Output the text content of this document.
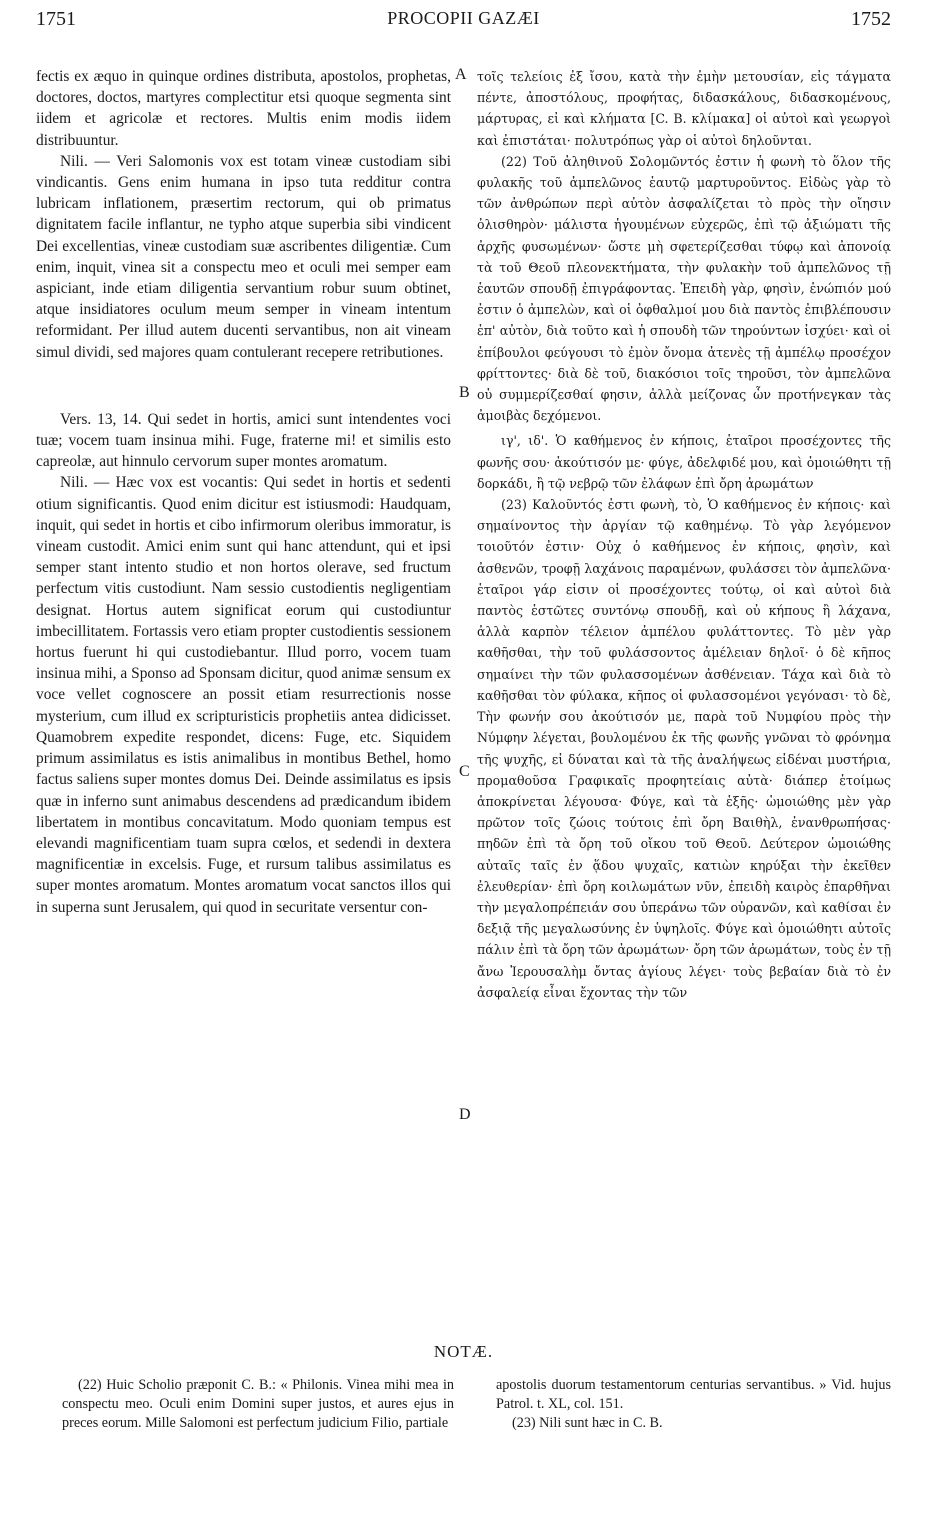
1751	PROCOPII GAZÆI	1752
A
B
C
D

fectis ex æquo in quinque ordines distributa, apostolos, prophetas, doctores, doctos, martyres complectitur etsi quoque segmenta sint iidem et agricolæ et rectores. Multis enim modis iidem distribuuntur.

Nili. — Veri Salomonis vox est totam vineæ custodiam sibi vindicantis. Gens enim humana in ipso tuta redditur contra lubricam inflationem, præsertim rectorum, qui ob primatus dignitatem facile inflantur, ne typho atque superbia sibi vindicent Dei excellentias, vineæ custodiam suæ ascribentes diligentiæ. Cum enim, inquit, vinea sit a conspectu meo et oculi mei semper eam aspiciant, inde etiam diligentia servantium robur suum obtinet, atque insidiatores oculum meum semper in vineam intentum reformidant. Per illud autem ducenti servantibus, non ait vineam simul dividi, sed majores quam contulerant recepere retributiones.

Vers. 13, 14. Qui sedet in hortis, amici sunt intendentes voci tuæ; vocem tuam insinua mihi. Fuge, fraterne mi! et similis esto capreolæ, aut hinnulo cervorum super montes aromatum.

Nili. — Hæc vox est vocantis: Qui sedet in hortis et sedenti otium significantis. Quod enim dicitur est istiusmodi: Haudquam, inquit, qui sedet in hortis et cibo infirmorum oleribus immoratur, is vineam custodit. Amici enim sunt qui hanc attendunt, qui et ipsi semper stant intento studio et non hortos olerave, sed fructum perfectum vitis custodiunt. Nam sessio custodientis negligentiam designat. Hortus autem significat eorum qui custodiuntur imbecillitatem. Fortassis vero etiam propter custodientis sessionem hortus fuerunt hi qui custodiebantur. Illud porro, vocem tuam insinua mihi, a Sponso ad Sponsam dicitur, quod animæ sensum ex voce vellet cognoscere an possit etiam resurrectionis nosse mysterium, cum illud ex scripturisticis prophetiis antea didicisset. Quamobrem expedite respondet, dicens: Fuge, etc. Siquidem primum assimilatus es istis animalibus in montibus Bethel, homo factus saliens super montes domus Dei. Deinde assimilatus es ipsis quæ in inferno sunt animabus descendens ad prædicandum ibidem libertatem in montibus concavitatum. Modo quoniam tempus est elevandi magnificentiam tuam supra cœlos, et sedendi in dextera magnificentiæ in excelsis. Fuge, et rursum talibus assimilatus es super montes aromatum. Montes aromatum vocat sanctos illos qui in superna sunt Jerusalem, qui quod in securitate versentur con-

τοῖς τελείοις ἐξ ἴσου, κατὰ τὴν ἐμὴν μετουσίαν, εἰς τάγματα πέντε, ἀποστόλους, προφήτας, διδασκάλους, διδασκομένους, μάρτυρας, εἰ καὶ κλήματα [C. B. κλίμακα] οἱ αὐτοὶ καὶ γεωργοὶ καὶ ἐπιστάται· πολυτρόπως γὰρ οἱ αὐτοὶ δηλοῦνται.

(22) Τοῦ ἀληθινοῦ Σολομῶντός ἐστιν ἡ φωνὴ τὸ ὅλον τῆς φυλακῆς τοῦ ἀμπελῶνος ἑαυτῷ μαρτυροῦντος. Εἰδὼς γὰρ τὸ τῶν ἀνθρώπων περὶ αὐτὸν ἀσφαλίζεται τὸ πρὸς τὴν οἴησιν ὀλισθηρὸν· μάλιστα ἡγουμένων εὐχερῶς, ἐπὶ τῷ ἀξιώματι τῆς ἀρχῆς φυσωμένων· ὥστε μὴ σφετερίζεσθαι τύφῳ καὶ ἀπονοίᾳ τὰ τοῦ Θεοῦ πλεονεκτήματα, τὴν φυλακὴν τοῦ ἀμπελῶνος τῇ ἑαυτῶν σπουδῇ ἐπιγράφοντας. Ἐπειδὴ γὰρ, φησὶν, ἐνώπιόν μού ἐστιν ὁ ἀμπελὼν, καὶ οἱ ὀφθαλμοί μου διὰ παντὸς ἐπιβλέπουσιν ἐπ' αὐτὸν, διὰ τοῦτο καὶ ἡ σπουδὴ τῶν τηρούντων ἰσχύει· καὶ οἱ ἐπίβουλοι φεύγουσι τὸ ἐμὸν ὄνομα ἀτενὲς τῇ ἀμπέλῳ προσέχον φρίττοντες· διὰ δὲ τοῦ, διακόσιοι τοῖς τηροῦσι, τὸν ἀμπελῶνα οὐ συμμερίζεσθαί φησιν, ἀλλὰ μείζονας ὧν προτήνεγκαν τὰς ἀμοιβὰς δεχόμενοι.

ιγ', ιδ'. Ὁ καθήμενος ἐν κήποις, ἑταῖροι προσέχοντες τῆς φωνῆς σου· ἀκούτισόν με· φύγε, ἀδελφιδέ μου, καὶ ὁμοιώθητι τῇ δορκάδι, ἢ τῷ νεβρῷ τῶν ἐλάφων ἐπὶ ὄρη ἀρωμάτων

(23) Καλοῦντός ἐστι φωνὴ, τὸ, Ὁ καθήμενος ἐν κήποις· καὶ σημαίνοντος τὴν ἀργίαν τῷ καθημένῳ. Τὸ γὰρ λεγόμενον τοιοῦτόν ἐστιν· Οὐχ ὁ καθήμενος ἐν κήποις, φησὶν, καὶ ἀσθενῶν, τροφῇ λαχάνοις παραμένων, φυλάσσει τὸν ἀμπελῶνα· ἑταῖροι γάρ εἰσιν οἱ προσέχοντες τούτῳ, οἱ καὶ αὐτοὶ διὰ παντὸς ἑστῶτες συντόνῳ σπουδῇ, καὶ οὐ κήπους ἢ λάχανα, ἀλλὰ καρπὸν τέλειον ἀμπέλου φυλάττοντες. Τὸ μὲν γὰρ καθῆσθαι, τὴν τοῦ φυλάσσοντος ἀμέλειαν δηλοῖ· ὁ δὲ κῆπος σημαίνει τὴν τῶν φυλασσομένων ἀσθένειαν. Τάχα καὶ διὰ τὸ καθῆσθαι τὸν φύλακα, κῆπος οἱ φυλασσομένοι γεγόνασι· τὸ δὲ, Τὴν φωνήν σου ἀκούτισόν με, παρὰ τοῦ Νυμφίου πρὸς τὴν Νύμφην λέγεται, βουλομένου ἐκ τῆς φωνῆς γνῶναι τὸ φρόνημα τῆς ψυχῆς, εἰ δύναται καὶ τὰ τῆς ἀναλήψεως εἰδέναι μυστήρια, προμαθοῦσα Γραφικαῖς προφητείαις αὐτὰ· διάπερ ἑτοίμως ἀποκρίνεται λέγουσα· Φύγε, καὶ τὰ ἑξῆς· ὡμοιώθης μὲν γὰρ πρῶτον τοῖς ζώοις τούτοις ἐπὶ ὄρη Βαιθὴλ, ἐνανθρωπήσας· πηδῶν ἐπὶ τὰ ὄρη τοῦ οἴκου τοῦ Θεοῦ. Δεύτερον ὡμοιώθης αὐταῖς ταῖς ἐν ᾅδου ψυχαῖς, κατιὼν κηρύξαι τὴν ἐκεῖθεν ἐλευθερίαν· ἐπὶ ὄρη κοιλωμάτων νῦν, ἐπειδὴ καιρὸς ἐπαρθῆναι τὴν μεγαλοπρέπειάν σου ὑπεράνω τῶν οὐρανῶν, καὶ καθίσαι ἐν δεξιᾷ τῆς μεγαλωσύνης ἐν ὑψηλοῖς. Φύγε καὶ ὁμοιώθητι αὐτοῖς πάλιν ἐπὶ τὰ ὄρη τῶν ἀρωμάτων· ὄρη τῶν ἀρωμάτων, τοὺς ἐν τῇ ἄνω Ἱερουσαλὴμ ὄντας ἁγίους λέγει· τοὺς βεβαίαν διὰ τὸ ἐν ἀσφαλείᾳ εἶναι ἔχοντας τὴν τῶν

NOTÆ.

(22) Huic Scholio præponit C. B.: « Philonis. Vinea mihi mea in conspectu meo. Oculi enim Domini super justos, et aures ejus in preces eorum. Mille Salomoni est perfectum judicium Filio, partiale

apostolis duorum testamentorum centurias servantibus. » Vid. hujus Patrol. t. XL, col. 151.

(23) Nili sunt hæc in C. B.
